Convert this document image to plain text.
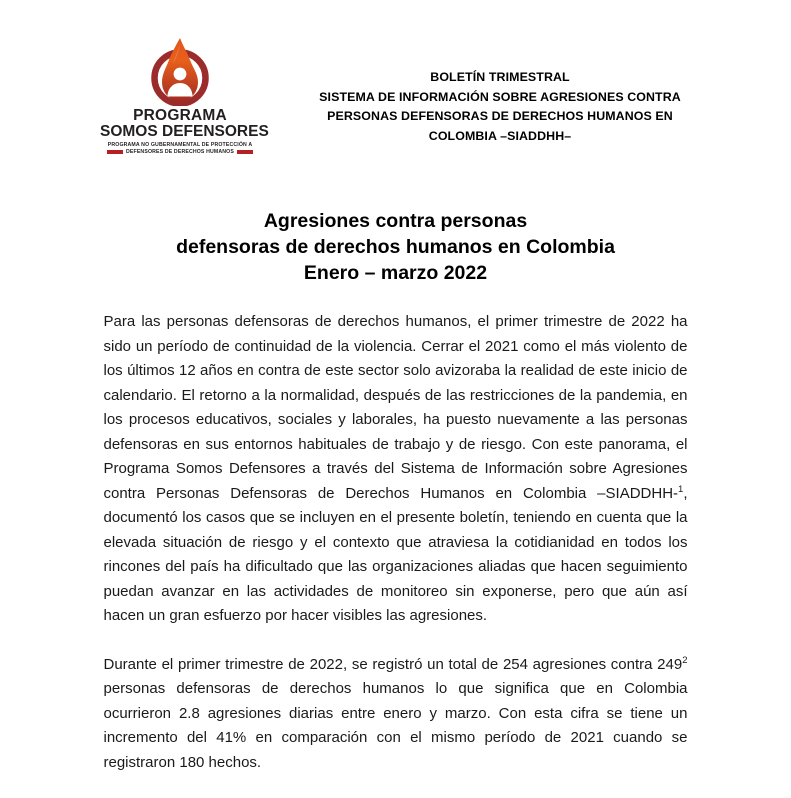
PROGRAMA
SOMOS DEFENSORES
PROGRAMA NO GUBERNAMENTAL DE PROTECCIÓN A
DEFENSORES DE DERECHOS HUMANOS
BOLETÍN TRIMESTRAL
SISTEMA DE INFORMACIÓN SOBRE AGRESIONES CONTRA
PERSONAS DEFENSORAS DE DERECHOS HUMANOS EN
COLOMBIA –SIADDHH–
Agresiones contra personas
defensoras de derechos humanos en Colombia
Enero – marzo 2022

Para las personas defensoras de derechos humanos, el primer trimestre de 2022 ha sido un período de continuidad de la violencia. Cerrar el 2021 como el más violento de los últimos 12 años en contra de este sector solo avizoraba la realidad de este inicio de calendario. El retorno a la normalidad, después de las restricciones de la pandemia, en los procesos educativos, sociales y laborales, ha puesto nuevamente a las personas defensoras en sus entornos habituales de trabajo y de riesgo. Con este panorama, el Programa Somos Defensores a través del Sistema de Información sobre Agresiones contra Personas Defensoras de Derechos Humanos en Colombia –SIADDHH-$^1$, documentó los casos que se incluyen en el presente boletín, teniendo en cuenta que la elevada situación de riesgo y el contexto que atraviesa la cotidianidad en todos los rincones del país ha dificultado que las organizaciones aliadas que hacen seguimiento puedan avanzar en las actividades de monitoreo sin exponerse, pero que aún así hacen un gran esfuerzo por hacer visibles las agresiones.

Durante el primer trimestre de 2022, se registró un total de 254 agresiones contra $249^2$ personas defensoras de derechos humanos lo que significa que en Colombia ocurrieron 2.8 agresiones diarias entre enero y marzo. Con esta cifra se tiene un incremento del 41% en comparación con el mismo período de 2021 cuando se registraron 180 hechos.
